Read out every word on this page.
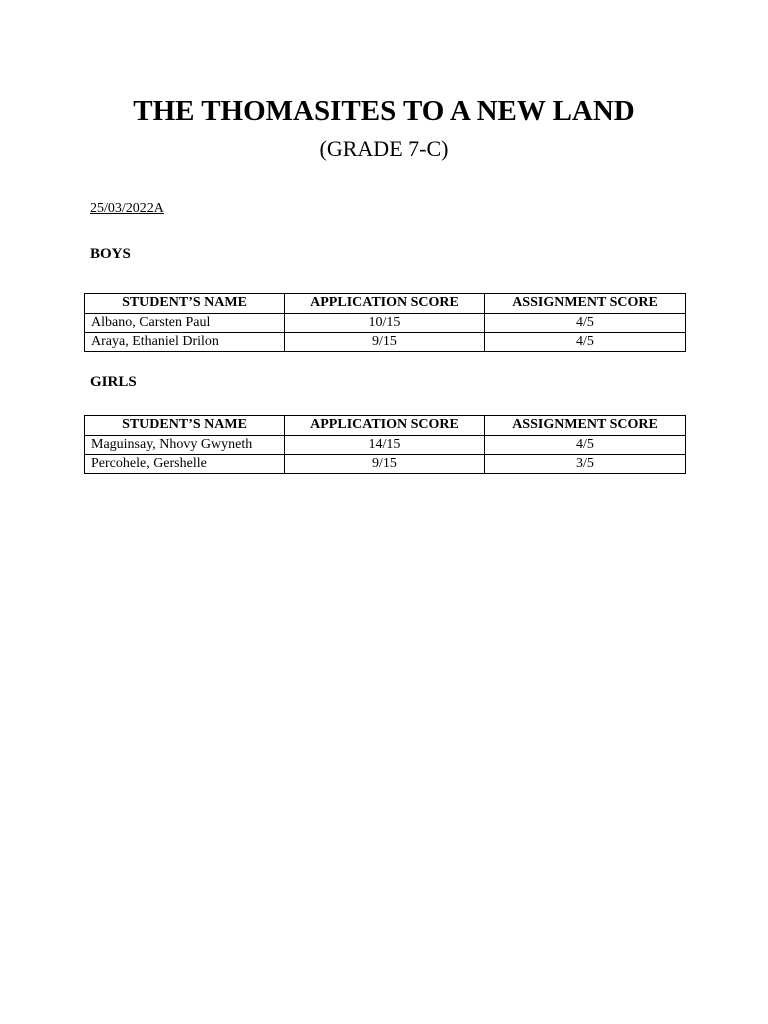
THE THOMASITES TO A NEW LAND

(GRADE 7-C)

25/03/2022A
BOYS
STUDENT’S NAME	APPLICATION SCORE	ASSIGNMENT SCORE
Albano, Carsten Paul	10/15	4/5
Araya, Ethaniel Drilon	9/15	4/5
GIRLS
STUDENT’S NAME	APPLICATION SCORE	ASSIGNMENT SCORE
Maguinsay, Nhovy Gwyneth	14/15	4/5
Percohele, Gershelle	9/15	3/5
